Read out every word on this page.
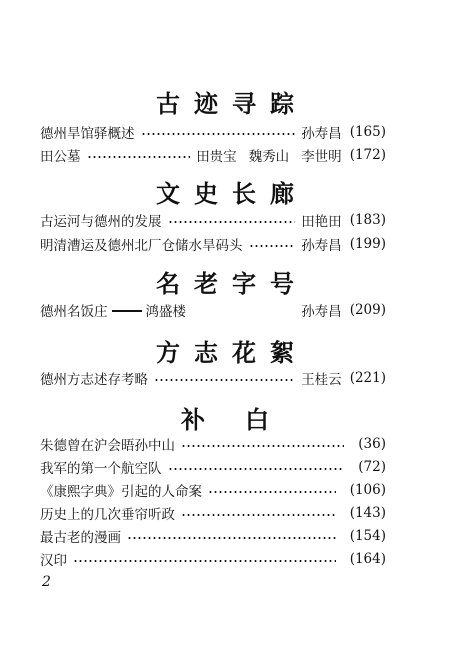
古迹寻踪
德州旱馆驿概述	孙寿昌 (165)
田公墓	田贵宝 魏秀山 李世明 (172)
文史长廊
古运河与德州的发展	田艳田 (183)
明清漕运及德州北厂仓储水旱码头	孙寿昌 (199)
名老字号
德州名饭庄	鸿盛楼	孙寿昌 (209)
方志花絮
德州方志述存考略	王桂云 (221)
补白
朱德曾在沪会晤孙中山	(36)
我军的第一个航空队	(72)
《康熙字典》引起的人命案	(106)
历史上的几次垂帘听政	(143)
最古老的漫画	(154)
汉印	(164)
2
